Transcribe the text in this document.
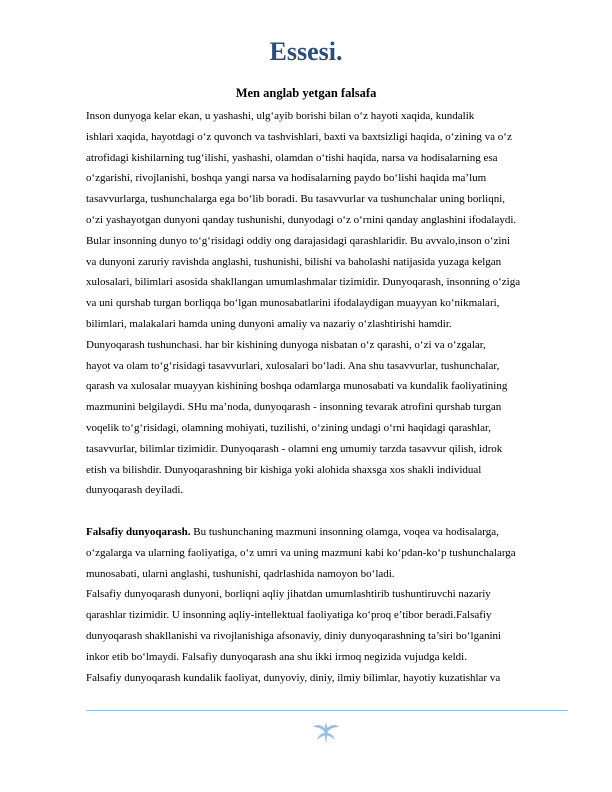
Essesi.
Men anglab yetgan falsafa
Inson dunyoga kelar ekan, u yashashi, ulg‘ayib borishi bilan o‘z hayoti xaqida, kundalik
ishlari xaqida, hayotdagi o‘z quvonch va tashvishlari, baxti va baxtsizligi haqida, o‘zining va o‘z
atrofidagi kishilarning tug‘ilishi, yashashi, olamdan o‘tishi haqida, narsa va hodisalarning esa
o‘zgarishi, rivojlanishi, boshqa yangi narsa va hodisalarning paydo bo‘lishi haqida ma’lum
tasavvurlarga, tushunchalarga ega bo‘lib boradi. Bu tasavvurlar va tushunchalar uning borliqni,
o‘zi yashayotgan dunyoni qanday tushunishi, dunyodagi o‘z o‘rnini qanday anglashini ifodalaydi.
Bular insonning dunyo to‘g‘risidagi oddiy ong darajasidagi qarashlaridir. Bu avvalo,inson o‘zini
va dunyoni zaruriy ravishda anglashi, tushunishi, bilishi va baholashi natijasida yuzaga kelgan
xulosalari, bilimlari asosida shakllangan umumlashmalar tizimidir. Dunyoqarash, insonning o‘ziga
va uni qurshab turgan borliqqa bo‘lgan munosabatlarini ifodalaydigan muayyan ko‘nikmalari,
bilimlari, malakalari hamda uning dunyoni amaliy va nazariy o‘zlashtirishi hamdir.
Dunyoqarash tushunchasi. har bir kishining dunyoga nisbatan o‘z qarashi, o‘zi va o‘zgalar,
hayot va olam to‘g‘risidagi tasavvurlari, xulosalari bo‘ladi. Ana shu tasavvurlar, tushunchalar,
qarash va xulosalar muayyan kishining boshqa odamlarga munosabati va kundalik faoliyatining
mazmunini belgilaydi. SHu ma’noda, dunyoqarash - insonning tevarak atrofini qurshab turgan
voqelik to‘g‘risidagi, olamning mohiyati, tuzilishi, o‘zining undagi o‘rni haqidagi qarashlar,
tasavvurlar, bilimlar tizimidir. Dunyoqarash - olamni eng umumiy tarzda tasavvur qilish, idrok
etish va bilishdir. Dunyoqarashning bir kishiga yoki alohida shaxsga xos shakli individual
dunyoqarash deyiladi.
Falsafiy dunyoqarash. Bu tushunchaning mazmuni insonning olamga, voqea va hodisalarga,
o‘zgalarga va ularning faoliyatiga, o‘z umri va uning mazmuni kabi ko‘pdan-ko‘p tushunchalarga
munosabati, ularni anglashi, tushunishi, qadrlashida namoyon bo‘ladi.
Falsafiy dunyoqarash dunyoni, borliqni aqliy jihatdan umumlashtirib tushuntiruvchi nazariy
qarashlar tizimidir. U insonning aqliy-intellektual faoliyatiga ko‘proq e’tibor beradi.Falsafiy
dunyoqarash shakllanishi va rivojlanishiga afsonaviy, diniy dunyoqarashning ta’siri bo‘lganini
inkor etib bo‘lmaydi. Falsafiy dunyoqarash ana shu ikki irmoq negizida vujudga keldi.
Falsafiy dunyoqarash kundalik faoliyat, dunyoviy, diniy, ilmiy bilimlar, hayotiy kuzatishlar va
